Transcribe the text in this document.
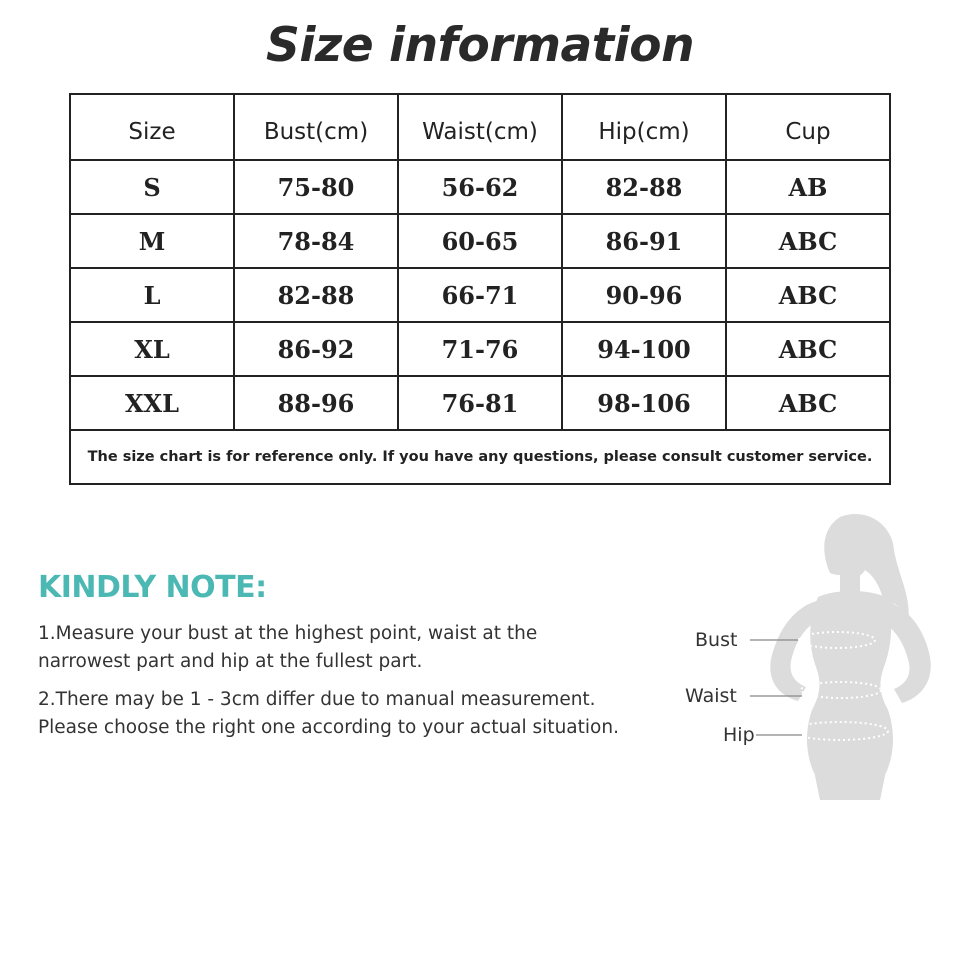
Size information
Size	Bust(cm)	Waist(cm)	Hip(cm)	Cup
S	75-80	56-62	82-88	AB
M	78-84	60-65	86-91	ABC
L	82-88	66-71	90-96	ABC
XL	86-92	71-76	94-100	ABC
XXL	88-96	76-81	98-106	ABC
The size chart is for reference only. If you have any questions, please consult customer service.				
KINDLY NOTE:

1.Measure your bust at the highest point, waist at the
narrowest part and hip at the fullest part.

2.There may be 1 - 3cm differ due to manual measurement.
Please choose the right one according to your actual situation.

Bust
Waist
Hip
